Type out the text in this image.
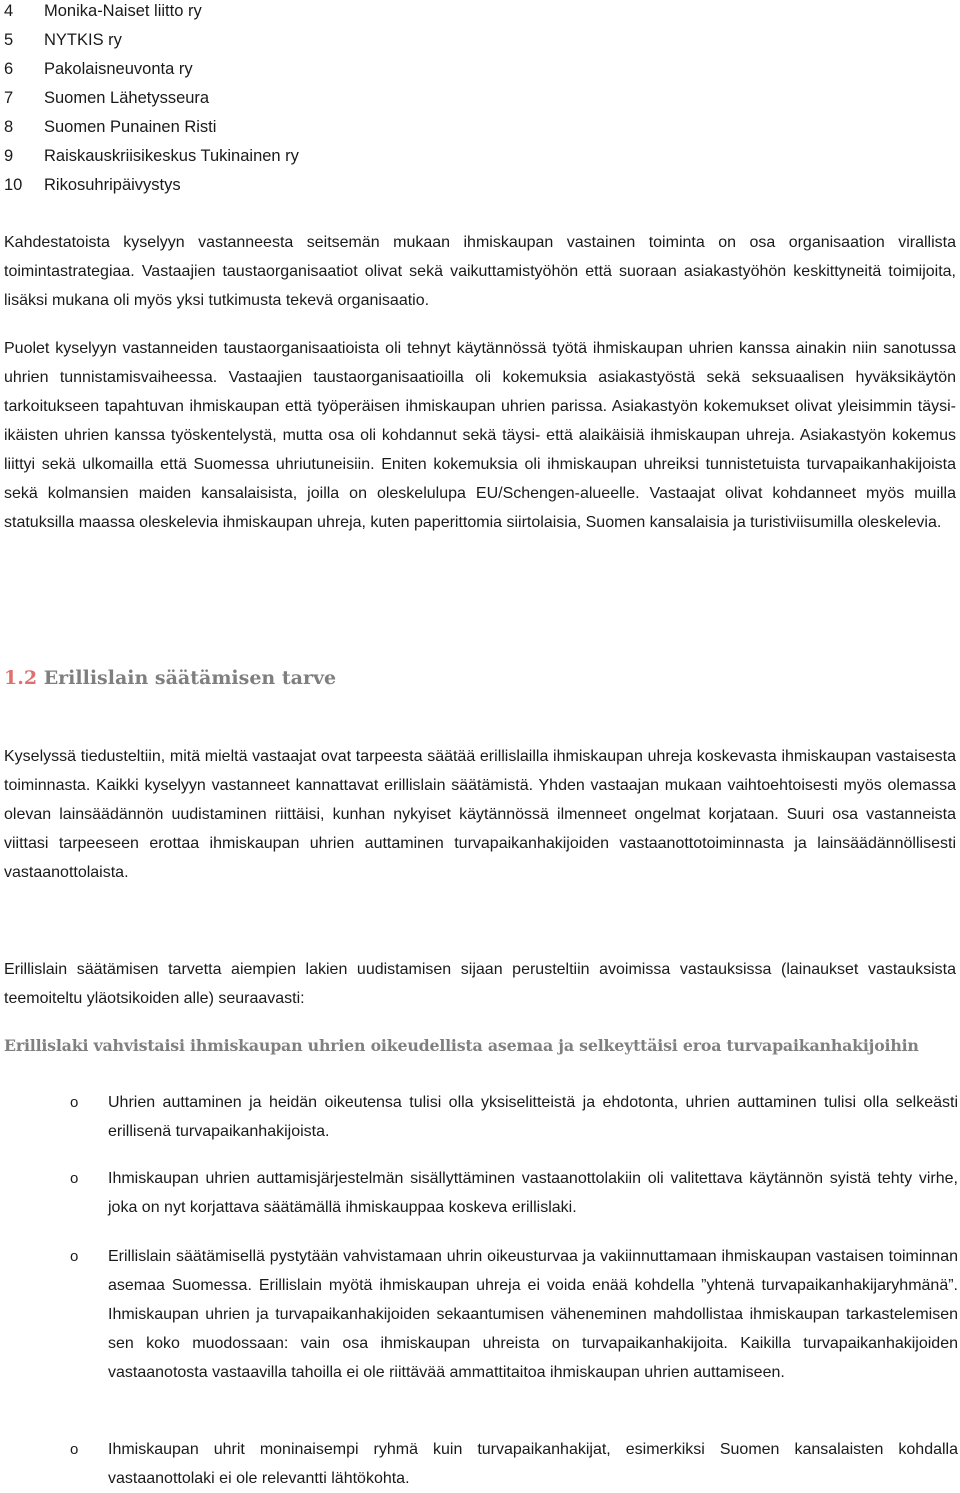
4 Monika-Naiset liitto ry
5 NYTKIS ry
6 Pakolaisneuvonta ry
7 Suomen Lähetysseura
8 Suomen Punainen Risti
9 Raiskauskriisikeskus Tukinainen ry
10 Rikosuhripäivystys

Kahdestatoista kyselyyn vastanneesta seitsemän mukaan ihmiskaupan vastainen toiminta on osa organisaation virallista toimintastrategiaa. Vastaajien taustaorganisaatiot olivat sekä vaikuttamistyöhön että suoraan asiakastyöhön keskittyneitä toimijoita, lisäksi mukana oli myös yksi tutkimusta tekevä organisaatio.

Puolet kyselyyn vastanneiden taustaorganisaatioista oli tehnyt käytännössä työtä ihmiskaupan uhrien kanssa ainakin niin sanotussa uhrien tunnistamisvaiheessa. Vastaajien taustaorganisaatioilla oli kokemuksia asiakastyöstä sekä seksuaalisen hyväksikäytön tarkoitukseen tapahtuvan ihmiskaupan että työperäisen ihmiskaupan uhrien parissa. Asiakastyön kokemukset olivat yleisimmin täysi-ikäisten uhrien kanssa työskentelystä, mutta osa oli kohdannut sekä täysi- että alaikäisiä ihmiskaupan uhreja. Asiakastyön kokemus liittyi sekä ulkomailla että Suomessa uhriutuneisiin. Eniten kokemuksia oli ihmiskaupan uhreiksi tunnistetuista turvapaikanhakijoista sekä kolmansien maiden kansalaisista, joilla on oleskelulupa EU/Schengen-alueelle. Vastaajat olivat kohdanneet myös muilla statuksilla maassa oleskelevia ihmiskaupan uhreja, kuten paperittomia siirtolaisia, Suomen kansalaisia ja turistiviisumilla oleskelevia.

1.2 Erillislain säätämisen tarve

Kyselyssä tiedusteltiin, mitä mieltä vastaajat ovat tarpeesta säätää erillislailla ihmiskaupan uhreja koskevasta ihmiskaupan vastaisesta toiminnasta. Kaikki kyselyyn vastanneet kannattavat erillislain säätämistä. Yhden vastaajan mukaan vaihtoehtoisesti myös olemassa olevan lainsäädännön uudistaminen riittäisi, kunhan nykyiset käytännössä ilmenneet ongelmat korjataan. Suuri osa vastanneista viittasi tarpeeseen erottaa ihmiskaupan uhrien auttaminen turvapaikanhakijoiden vastaanottotoiminnasta ja lainsäädännöllisesti vastaanottolaista.

Erillislain säätämisen tarvetta aiempien lakien uudistamisen sijaan perusteltiin avoimissa vastauksissa (lainaukset vastauksista teemoiteltu yläotsikoiden alle) seuraavasti:

Erillislaki vahvistaisi ihmiskaupan uhrien oikeudellista asemaa ja selkeyttäisi eroa turvapaikanhakijoihin
o Uhrien auttaminen ja heidän oikeutensa tulisi olla yksiselitteistä ja ehdotonta, uhrien auttaminen tulisi olla selkeästi erillisenä turvapaikanhakijoista.

o Ihmiskaupan uhrien auttamisjärjestelmän sisällyttäminen vastaanottolakiin oli valitettava käytännön syistä tehty virhe, joka on nyt korjattava säätämällä ihmiskauppaa koskeva erillislaki.

o Erillislain säätämisellä pystytään vahvistamaan uhrin oikeusturvaa ja vakiinnuttamaan ihmiskaupan vastaisen toiminnan asemaa Suomessa. Erillislain myötä ihmiskaupan uhreja ei voida enää kohdella ”yhtenä turvapaikanhakijaryhmänä”. Ihmiskaupan uhrien ja turvapaikanhakijoiden sekaantumisen väheneminen mahdollistaa ihmiskaupan tarkastelemisen sen koko muodossaan: vain osa ihmiskaupan uhreista on turvapaikanhakijoita. Kaikilla turvapaikanhakijoiden vastaanotosta vastaavilla tahoilla ei ole riittävää ammattitaitoa ihmiskaupan uhrien auttamiseen.

o Ihmiskaupan uhrit moninaisempi ryhmä kuin turvapaikanhakijat, esimerkiksi Suomen kansalaisten kohdalla vastaanottolaki ei ole relevantti lähtökohta.
